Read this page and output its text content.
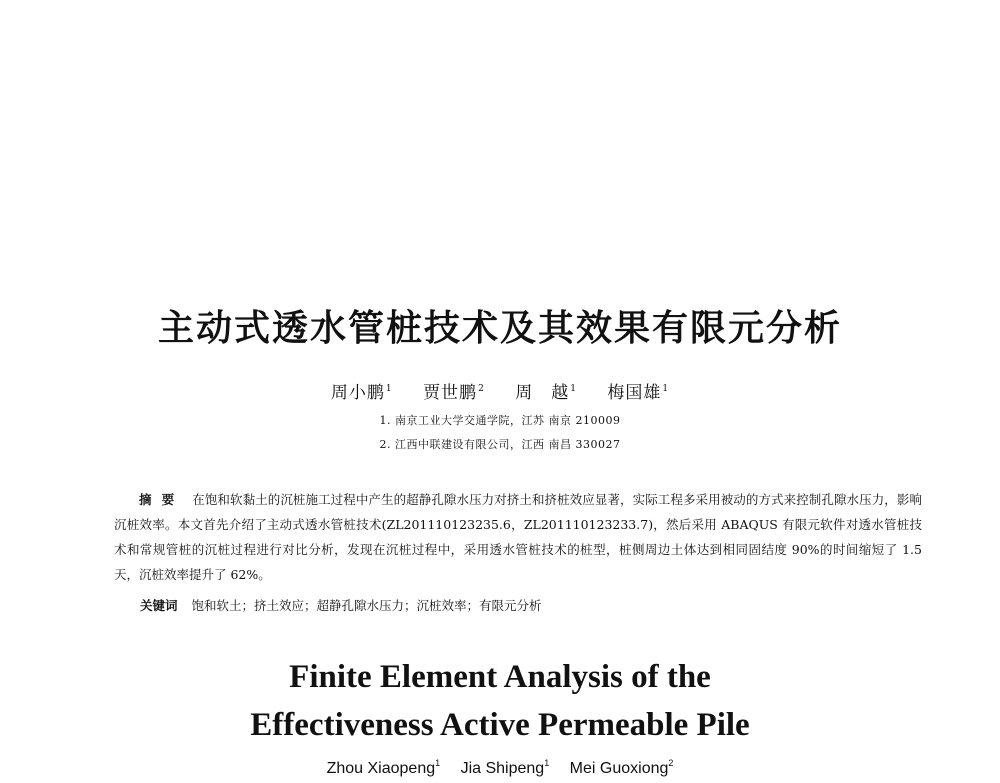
主动式透水管桩技术及其效果有限元分析
周小鹏$^1$ 贾世鹏$^2$ 周　越$^1$ 梅国雄$^1$
1. 南京工业大学交通学院，江苏 南京 210009
2. 江西中联建设有限公司，江西 南昌 330027
摘要 在饱和软黏土的沉桩施工过程中产生的超静孔隙水压力对挤土和挤桩效应显著，实际工程多采用被动的方式来控制孔隙水压力，影响沉桩效率。本文首先介绍了主动式透水管桩技术(ZL201110123235.6，ZL201110123233.7)，然后采用 ABAQUS 有限元软件对透水管桩技术和常规管桩的沉桩过程进行对比分析，发现在沉桩过程中，采用透水管桩技术的桩型，桩侧周边土体达到相同固结度 90%的时间缩短了 1.5 天，沉桩效率提升了 62%。
关键词 饱和软土；挤土效应；超静孔隙水压力；沉桩效率；有限元分析
Finite Element Analysis of the
Effectiveness Active Permeable Pile
Zhou Xiaopeng$^1$ Jia Shipeng$^1$ Mei Guoxiong$^2$
